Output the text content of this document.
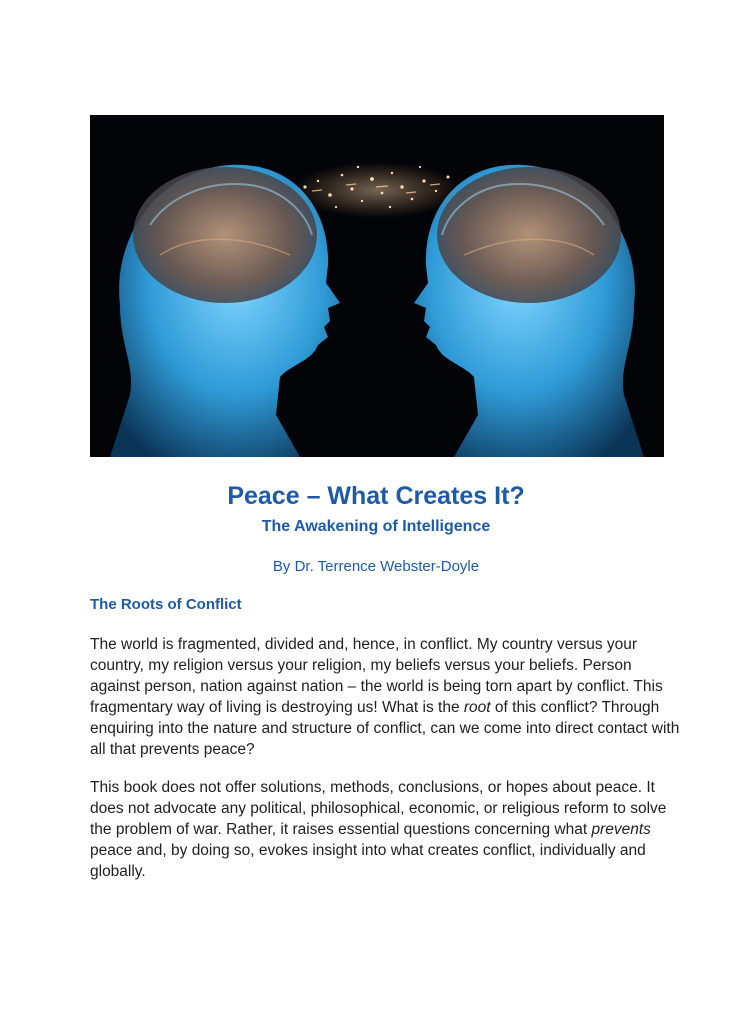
Peace – What Creates It?
The Awakening of Intelligence
By Dr. Terrence Webster-Doyle
The Roots of Conflict

The world is fragmented, divided and, hence, in conflict. My country versus your country, my religion versus your religion, my beliefs versus your beliefs. Person against person, nation against nation – the world is being torn apart by conflict. This fragmentary way of living is destroying us! What is the root of this conflict? Through enquiring into the nature and structure of conflict, can we come into direct contact with all that prevents peace?

This book does not offer solutions, methods, conclusions, or hopes about peace. It does not advocate any political, philosophical, economic, or religious reform to solve the problem of war. Rather, it raises essential questions concerning what prevents peace and, by doing so, evokes insight into what creates conflict, individually and globally.
